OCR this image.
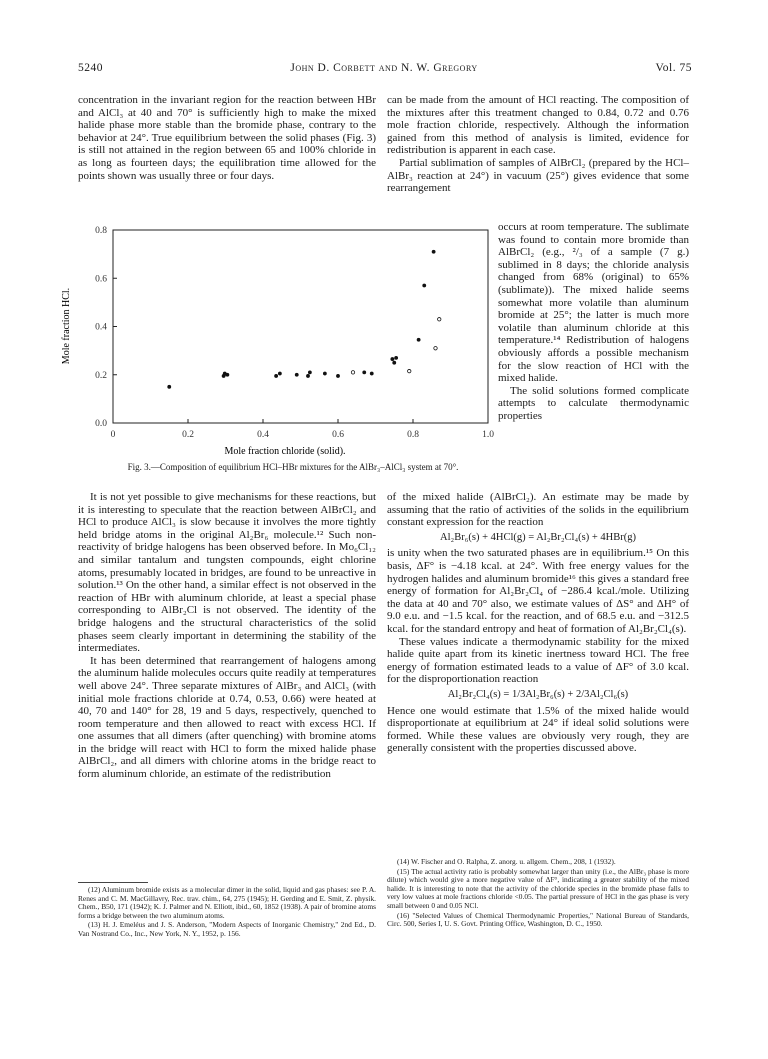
5240	John D. Corbett and N. W. Gregory	Vol. 75

concentration in the invariant region for the reaction between HBr and AlCl₃ at 40 and 70° is sufficiently high to make the mixed halide phase more stable than the bromide phase, contrary to the behavior at 24°. True equilibrium between the solid phases (Fig. 3) is still not attained in the region between 65 and 100% chloride in as long as fourteen days; the equilibration time allowed for the points shown was usually three or four days.

can be made from the amount of HCl reacting. The composition of the mixtures after this treatment changed to 0.84, 0.72 and 0.76 mole fraction chloride, respectively. Although the information gained from this method of analysis is limited, evidence for redistribution is apparent in each case.

Partial sublimation of samples of AlBrCl₂ (prepared by the HCl–AlBr₃ reaction at 24°) in vacuum (25°) gives evidence that some rearrangement

occurs at room temperature. The sublimate was found to contain more bromide than AlBrCl₂ (e.g., ²/₃ of a sample (7 g.) sublimed in 8 days; the chloride analysis changed from 68% (original) to 65% (sublimate)). The mixed halide seems somewhat more volatile than aluminum bromide at 25°; the latter is much more volatile than aluminum chloride at this temperature.¹⁴ Redistribution of halogens obviously affords a possible mechanism for the slow reaction of HCl with the mixed halide.

The solid solutions formed complicate attempts to calculate thermodynamic properties

0	0.2	0.4	0.6	0.8	1.0
0.0
0.2
0.4
0.6
0.8
Mole fraction HCl.
Mole fraction chloride (solid).
Fig. 3.—Composition of equilibrium HCl–HBr mixtures for the AlBr₃–AlCl₃ system at 70°.

It is not yet possible to give mechanisms for these reactions, but it is interesting to speculate that the reaction between AlBrCl₂ and HCl to produce AlCl₃ is slow because it involves the more tightly held bridge atoms in the original Al₂Br₆ molecule.¹² Such non-reactivity of bridge halogens has been observed before. In Mo₆Cl₁₂ and similar tantalum and tungsten compounds, eight chlorine atoms, presumably located in bridges, are found to be unreactive in solution.¹³ On the other hand, a similar effect is not observed in the reaction of HBr with aluminum chloride, at least a special phase corresponding to AlBr₂Cl is not observed. The identity of the bridge halogens and the structural characteristics of the solid phases seem clearly important in determining the stability of the intermediates.

It has been determined that rearrangement of halogens among the aluminum halide molecules occurs quite readily at temperatures well above 24°. Three separate mixtures of AlBr₃ and AlCl₃ (with initial mole fractions chloride at 0.74, 0.53, 0.66) were heated at 40, 70 and 140° for 28, 19 and 5 days, respectively, quenched to room temperature and then allowed to react with excess HCl. If one assumes that all dimers (after quenching) with bromine atoms in the bridge will react with HCl to form the mixed halide phase AlBrCl₂, and all dimers with chlorine atoms in the bridge react to form aluminum chloride, an estimate of the redistribution

of the mixed halide (AlBrCl₂). An estimate may be made by assuming that the ratio of activities of the solids in the equilibrium constant expression for the reaction

Al₂Br₆(s) + 4HCl(g) = Al₂Br₂Cl₄(s) + 4HBr(g)

is unity when the two saturated phases are in equilibrium.¹⁵ On this basis, ΔF° is −4.18 kcal. at 24°. With free energy values for the hydrogen halides and aluminum bromide¹⁶ this gives a standard free energy of formation for Al₂Br₂Cl₄ of −286.4 kcal./mole. Utilizing the data at 40 and 70° also, we estimate values of ΔS° and ΔH° of 9.0 e.u. and −1.5 kcal. for the reaction, and of 68.5 e.u. and −312.5 kcal. for the standard entropy and heat of formation of Al₂Br₂Cl₄(s).

These values indicate a thermodynamic stability for the mixed halide quite apart from its kinetic inertness toward HCl. The free energy of formation estimated leads to a value of ΔF° of 3.0 kcal. for the disproportionation reaction

Al₂Br₂Cl₄(s) = 1/3Al₂Br₆(s) + 2/3Al₂Cl₆(s)

Hence one would estimate that 1.5% of the mixed halide would disproportionate at equilibrium at 24° if ideal solid solutions were formed. While these values are obviously very rough, they are generally consistent with the properties discussed above.

(12) Aluminum bromide exists as a molecular dimer in the solid, liquid and gas phases: see P. A. Renes and C. M. MacGillavry, Rec. trav. chim., 64, 275 (1945); H. Gerding and E. Smit, Z. physik. Chem., B50, 171 (1942); K. J. Palmer and N. Elliott, ibid., 60, 1852 (1938). A pair of bromine atoms forms a bridge between the two aluminum atoms.

(13) H. J. Emeléus and J. S. Anderson, "Modern Aspects of Inorganic Chemistry," 2nd Ed., D. Van Nostrand Co., Inc., New York, N. Y., 1952, p. 156.

(14) W. Fischer and O. Ralpha, Z. anorg. u. allgem. Chem., 208, 1 (1932).

(15) The actual activity ratio is probably somewhat larger than unity (i.e., the AlBr₃ phase is more dilute) which would give a more negative value of ΔF°, indicating a greater stability of the mixed halide. It is interesting to note that the activity of the chloride species in the bromide phase falls to very low values at mole fractions chloride <0.05. The partial pressure of HCl in the gas phase is very small between 0 and 0.05 NCl.

(16) "Selected Values of Chemical Thermodynamic Properties," National Bureau of Standards, Circ. 500, Series I, U. S. Govt. Printing Office, Washington, D. C., 1950.
